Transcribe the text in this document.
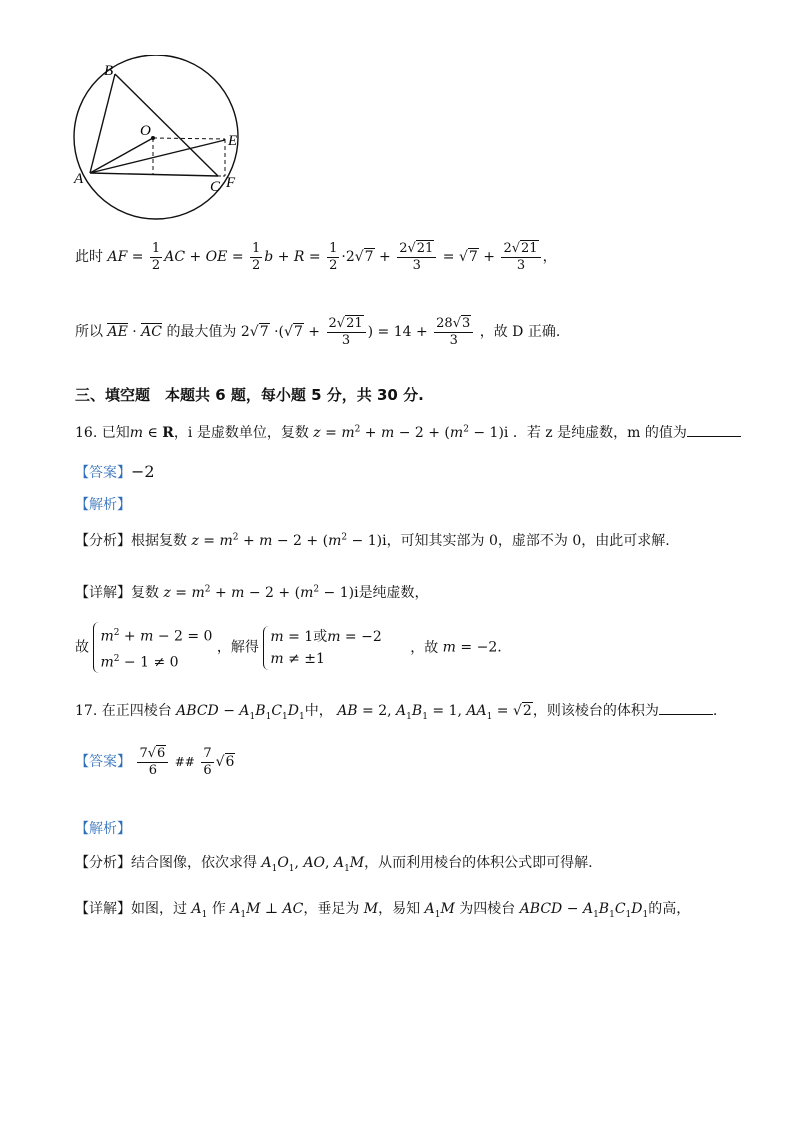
B
O
E
A	C F
此时 AF = $\frac{1}{2}$ AC + OE = $\frac{1}{2}$ $b + R = \frac{1}{2} \cdot 2√7 + \frac{2√21}{3} = √7 + \frac{2√21}{3}$ ，
所以 AE · AC 的最大值为 $2√7 \cdot(√7 + \frac{2√21}{3}$ ) = $14 + \frac{28√3}{3}$ ，故 D 正确.
三、填空题　本题共 6 题，每小题 5 分，共 30 分.
16. 已知m ∈ R，i 是虚数单位，复数 $z = m^2 + m - 2 + (m^2 - 1)i$ ．若 z 是纯虚数，m 的值为
【答案】−2
【解析】
【分析】根据复数 $z = m^2 + m - 2 + (m^2 - 1)i$，可知其实部为 0，虚部不为 0，由此可求解.
【详解】复数 $z = m^2 + m - 2 + (m^2 - 1)i$是纯虚数，
故 $m^2 + m - 2 = 0$
$m^2 - 1 \ne 0$ ，解得 m = 1或m = −2
m ≠ ±1 ，故 m = −2.
17. 在正四棱台 ABCD − $A_1B_1C_1D_1$中， AB = 2, $A_1B_1 = 1$, $AA_1 = √2$，则该棱台的体积为	.
【答案】 $\frac{7√6}{6}$ ## $\frac{7}{6} √6$
【解析】
【分析】结合图像，依次求得 $A_1O_1$, AO, $A_1M$，从而利用棱台的体积公式即可得解.
【详解】如图，过 $A_1$ 作 $A_1M$ ⊥ AC，垂足为 M，易知 $A_1M$ 为四棱台 ABCD − $A_1B_1C_1D_1$的高，
